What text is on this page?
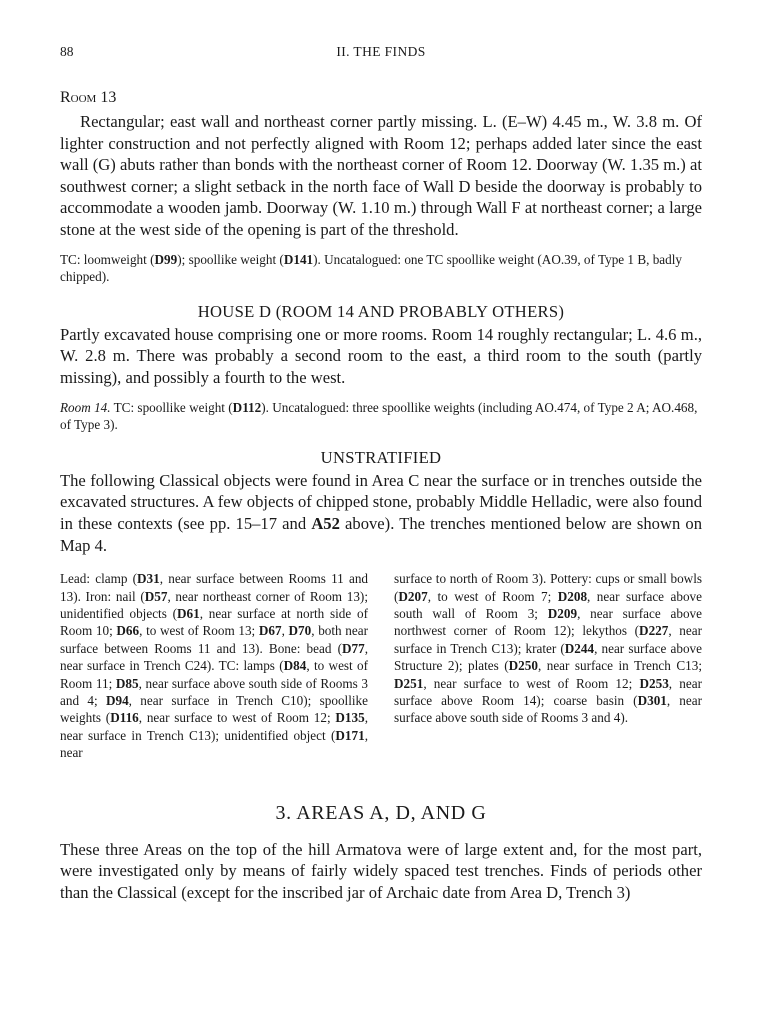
88	II. THE FINDS
Room 13

Rectangular; east wall and northeast corner partly missing. L. (E–W) 4.45 m., W. 3.8 m. Of lighter construction and not perfectly aligned with Room 12; perhaps added later since the east wall (G) abuts rather than bonds with the northeast corner of Room 12. Doorway (W. 1.35 m.) at southwest corner; a slight setback in the north face of Wall D beside the doorway is probably to accommodate a wooden jamb. Doorway (W. 1.10 m.) through Wall F at northeast corner; a large stone at the west side of the opening is part of the threshold.

TC: loomweight (D99); spoollike weight (D141). Uncatalogued: one TC spoollike weight (AO.39, of Type 1 B, badly chipped).

HOUSE D (ROOM 14 AND PROBABLY OTHERS)

Partly excavated house comprising one or more rooms. Room 14 roughly rectangular; L. 4.6 m., W. 2.8 m. There was probably a second room to the east, a third room to the south (partly missing), and possibly a fourth to the west.

Room 14. TC: spoollike weight (D112). Uncatalogued: three spoollike weights (including AO.474, of Type 2 A; AO.468, of Type 3).

UNSTRATIFIED

The following Classical objects were found in Area C near the surface or in trenches outside the excavated structures. A few objects of chipped stone, probably Middle Helladic, were also found in these contexts (see pp. 15–17 and A52 above). The trenches mentioned below are shown on Map 4.

Lead: clamp (D31, near surface between Rooms 11 and 13). Iron: nail (D57, near northeast corner of Room 13); unidentified objects (D61, near surface at north side of Room 10; D66, to west of Room 13; D67, D70, both near surface between Rooms 11 and 13). Bone: bead (D77, near surface in Trench C24). TC: lamps (D84, to west of Room 11; D85, near surface above south side of Rooms 3 and 4; D94, near surface in Trench C10); spoollike weights (D116, near surface to west of Room 12; D135, near surface in Trench C13); unidentified object (D171, near
surface to north of Room 3). Pottery: cups or small bowls (D207, to west of Room 7; D208, near surface above south wall of Room 3; D209, near surface above northwest corner of Room 12); lekythos (D227, near surface in Trench C13); krater (D244, near surface above Structure 2); plates (D250, near surface in Trench C13; D251, near surface to west of Room 12; D253, near surface above Room 14); coarse basin (D301, near surface above south side of Rooms 3 and 4).
3. AREAS A, D, AND G

These three Areas on the top of the hill Armatova were of large extent and, for the most part, were investigated only by means of fairly widely spaced test trenches. Finds of periods other than the Classical (except for the inscribed jar of Archaic date from Area D, Trench 3)
